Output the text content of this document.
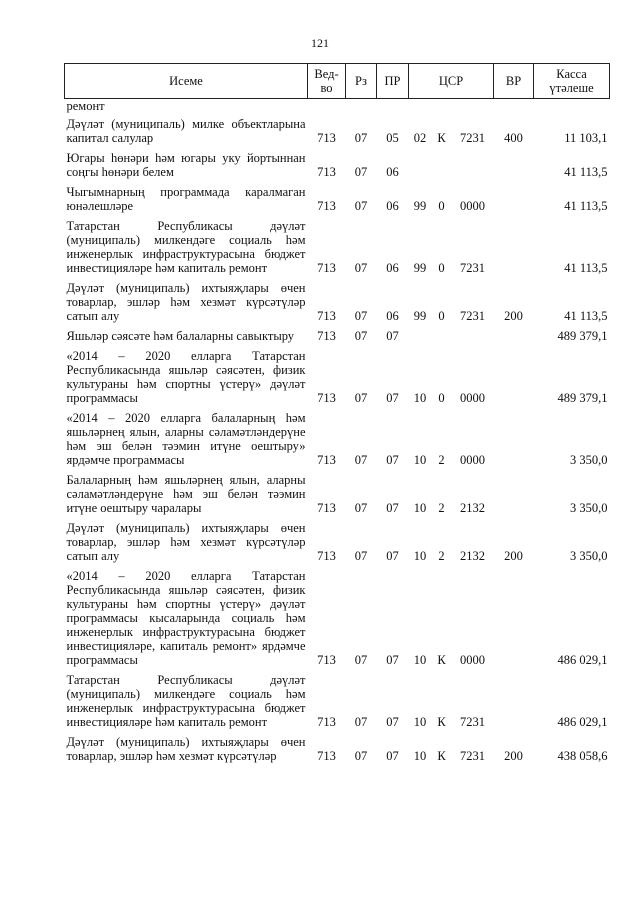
121
Исеме	Вед-во	Рз	ПР	ЦСР			ВР	Касса үтәлеше
ремонт								
Дәүләт (муниципаль) милке объектларына капитал салулар	713	07	05	02	К	7231	400	11 103,1
Югары һөнәри һәм югары уку йортыннан соңгы һөнәри белем	713	07	06					41 113,5
Чыгымнарның программада каралмаган юнәлешләре	713	07	06	99	0	0000		41 113,5
Татарстан Республикасы дәүләт (муниципаль) милкендәге социаль һәм инженерлык инфраструктурасына бюджет инвестицияләре һәм капиталь ремонт	713	07	06	99	0	7231		41 113,5
Дәүләт (муниципаль) ихтыяҗлары өчен товарлар, эшләр һәм хезмәт күрсәтүләр сатып алу	713	07	06	99	0	7231	200	41 113,5
Яшьләр сәясәте һәм балаларны савыктыру	713	07	07					489 379,1
«2014 – 2020 елларга Татарстан Республикасында яшьләр сәясәтен, физик культураны һәм спортны үстерү» дәүләт программасы	713	07	07	10	0	0000		489 379,1
«2014 – 2020 елларга балаларның һәм яшьләрнең ялын, аларны сәламәтләндерүне һәм эш белән тәэмин итүне оештыру» ярдәмче программасы	713	07	07	10	2	0000		3 350,0
Балаларның һәм яшьләрнең ялын, аларны сәламәтләндерүне һәм эш белән тәэмин итүне оештыру чаралары	713	07	07	10	2	2132		3 350,0
Дәүләт (муниципаль) ихтыяҗлары өчен товарлар, эшләр һәм хезмәт күрсәтүләр сатып алу	713	07	07	10	2	2132	200	3 350,0
«2014 – 2020 елларга Татарстан Республикасында яшьләр сәясәтен, физик культураны һәм спортны үстерү» дәүләт программасы кысаларында социаль һәм инженерлык инфраструктурасына бюджет инвестицияләре, капиталь ремонт» ярдәмче программасы	713	07	07	10	К	0000		486 029,1
Татарстан Республикасы дәүләт (муниципаль) милкендәге социаль һәм инженерлык инфраструктурасына бюджет инвестицияләре һәм капиталь ремонт	713	07	07	10	К	7231		486 029,1
Дәүләт (муниципаль) ихтыяҗлары өчен товарлар, эшләр һәм хезмәт күрсәтүләр	713	07	07	10	К	7231	200	438 058,6
